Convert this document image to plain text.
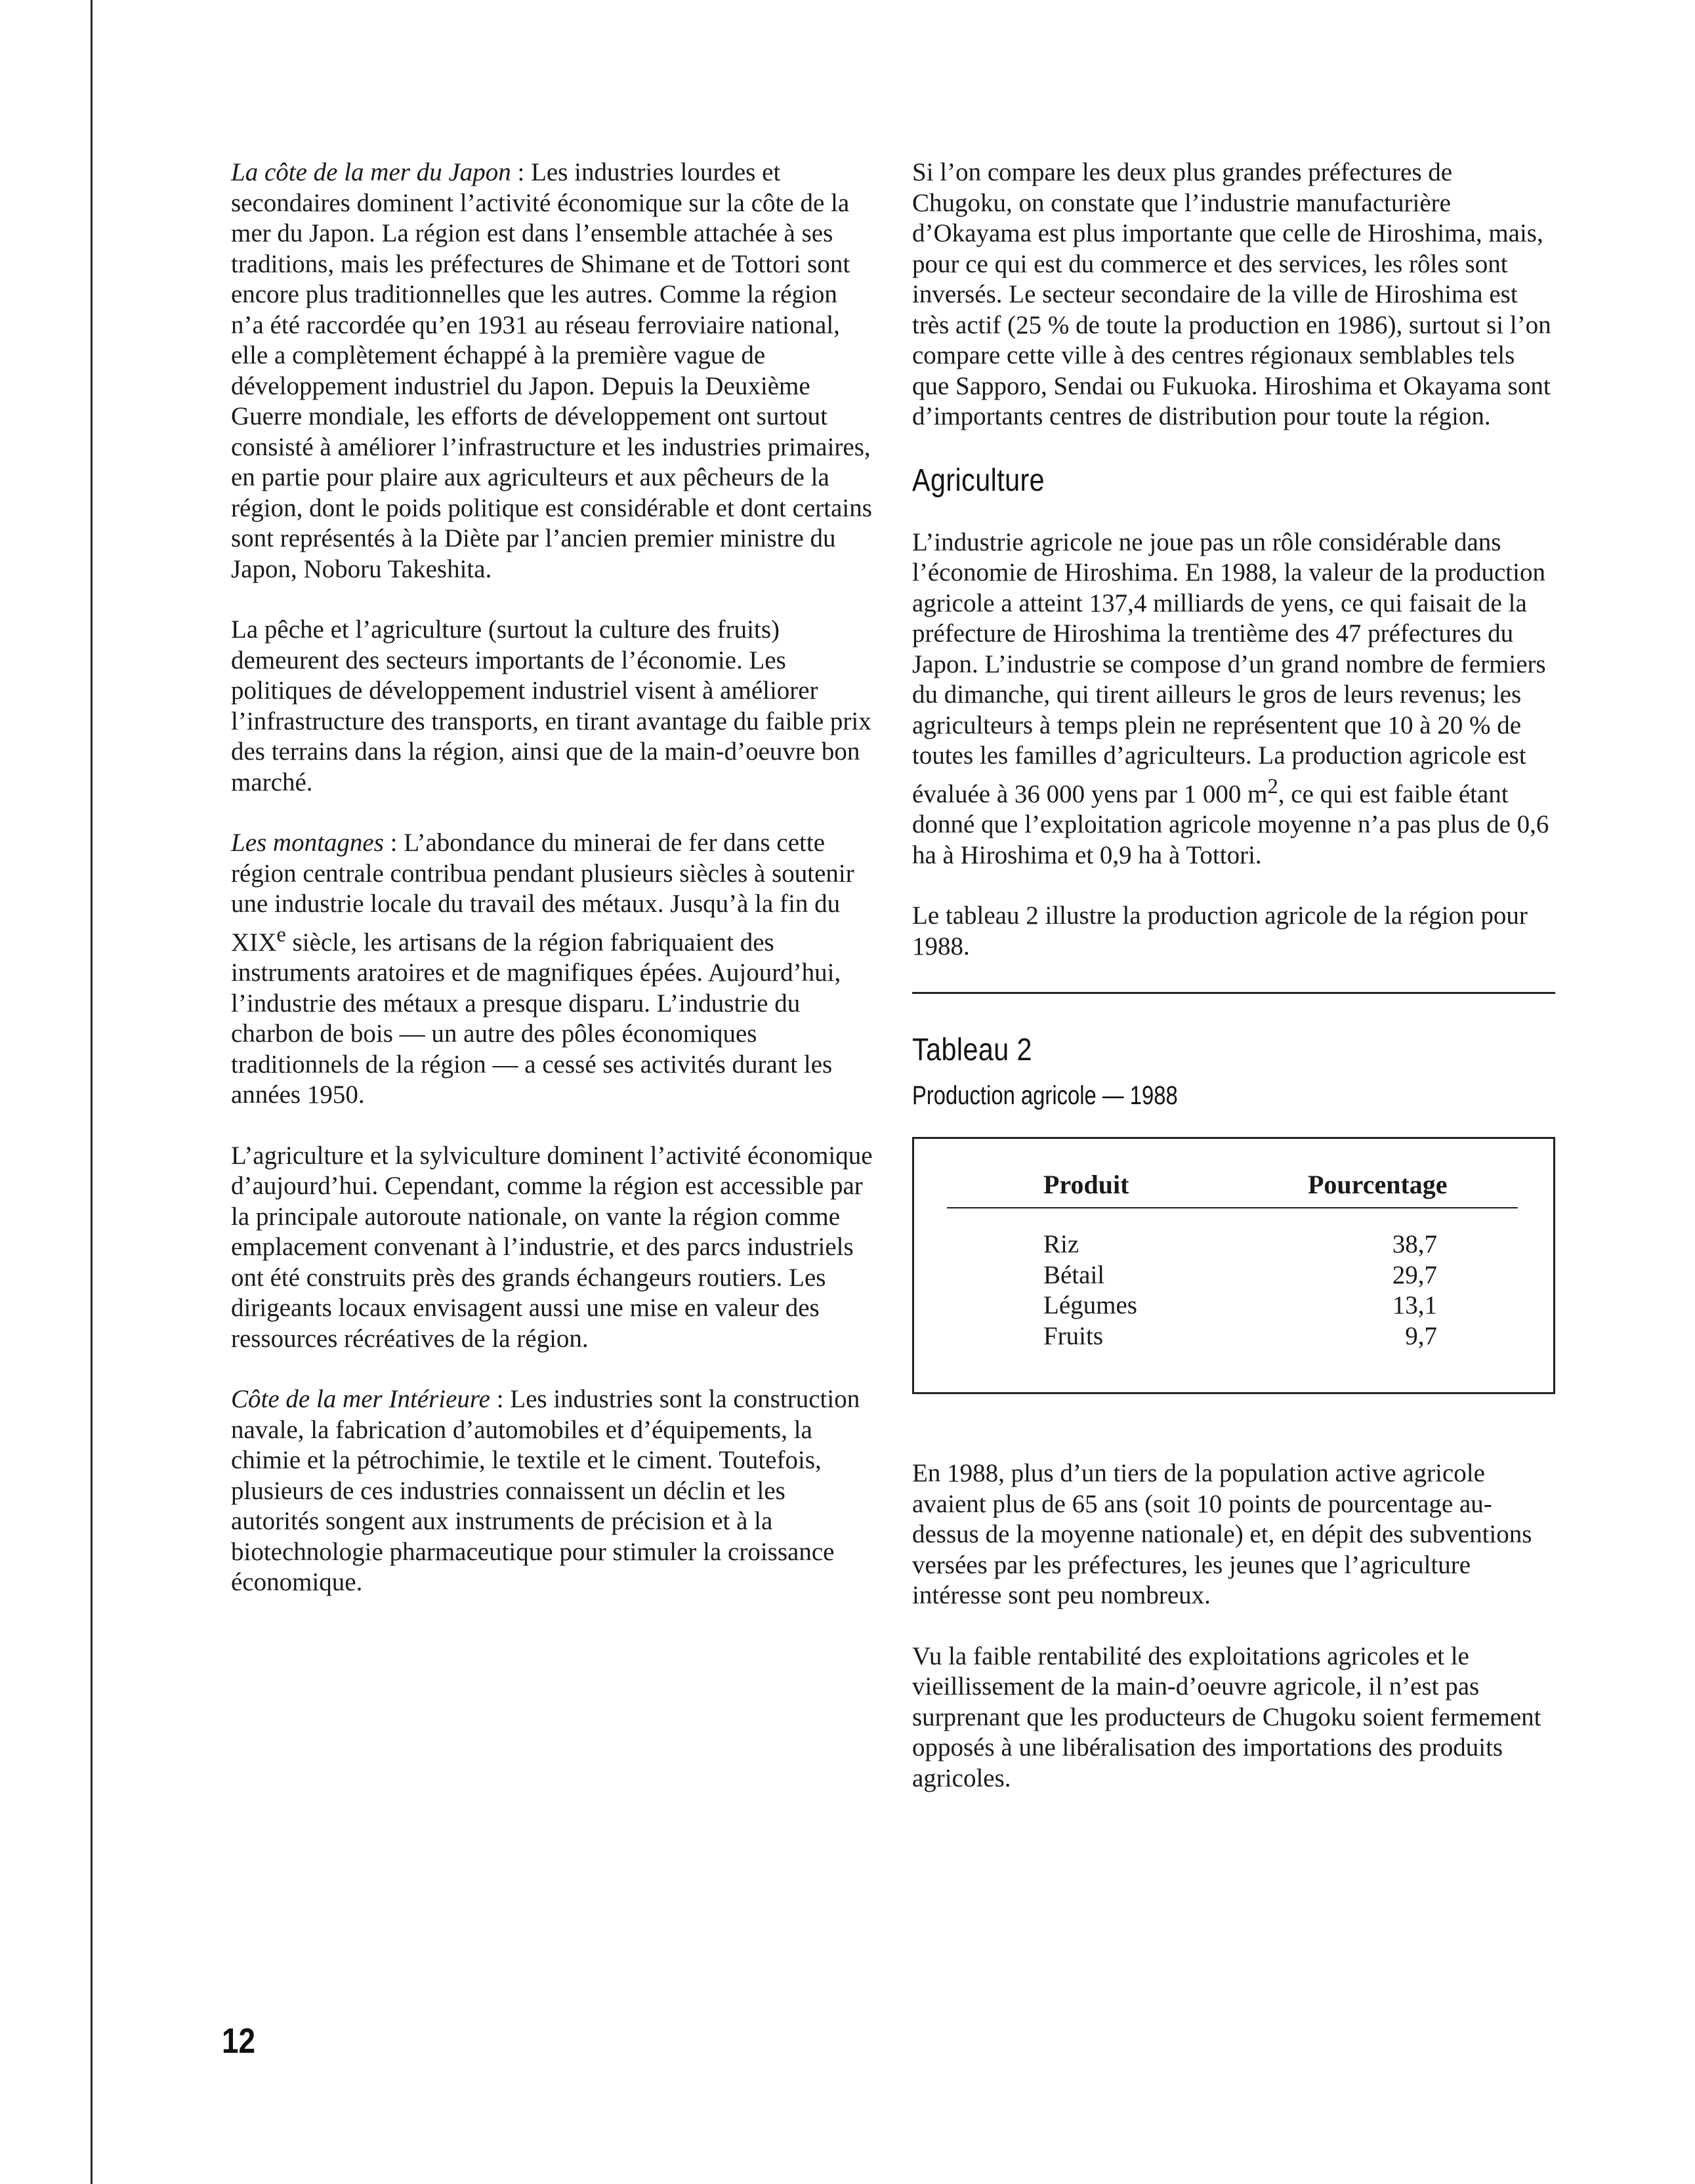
La côte de la mer du Japon : Les industries lourdes et secondaires dominent l’activité économique sur la côte de la mer du Japon. La région est dans l’ensemble attachée à ses traditions, mais les préfectures de Shimane et de Tottori sont encore plus traditionnelles que les autres. Comme la région n’a été raccordée qu’en 1931 au réseau ferroviaire national, elle a complètement échappé à la première vague de développement industriel du Japon. Depuis la Deuxième Guerre mondiale, les efforts de développement ont surtout consisté à améliorer l’infrastructure et les industries primaires, en partie pour plaire aux agriculteurs et aux pêcheurs de la région, dont le poids politique est considérable et dont certains sont représentés à la Diète par l’ancien premier ministre du Japon, Noboru Takeshita.

La pêche et l’agriculture (surtout la culture des fruits) demeurent des secteurs importants de l’économie. Les politiques de développement industriel visent à améliorer l’infrastructure des transports, en tirant avantage du faible prix des terrains dans la région, ainsi que de la main-d’oeuvre bon marché.

Les montagnes : L’abondance du minerai de fer dans cette région centrale contribua pendant plusieurs siècles à soutenir une industrie locale du travail des métaux. Jusqu’à la fin du XIXe siècle, les artisans de la région fabriquaient des instruments aratoires et de magnifiques épées. Aujourd’hui, l’industrie des métaux a presque disparu. L’industrie du charbon de bois — un autre des pôles économiques traditionnels de la région — a cessé ses activités durant les années 1950.

L’agriculture et la sylviculture dominent l’activité économique d’aujourd’hui. Cependant, comme la région est accessible par la principale autoroute nationale, on vante la région comme emplacement convenant à l’industrie, et des parcs industriels ont été construits près des grands échangeurs routiers. Les dirigeants locaux envisagent aussi une mise en valeur des ressources récréatives de la région.

Côte de la mer Intérieure : Les industries sont la construction navale, la fabrication d’automobiles et d’équipements, la chimie et la pétrochimie, le textile et le ciment. Toutefois, plusieurs de ces industries connaissent un déclin et les autorités songent aux instruments de précision et à la biotechnologie pharmaceutique pour stimuler la croissance économique.

Si l’on compare les deux plus grandes préfectures de Chugoku, on constate que l’industrie manufacturière d’Okayama est plus importante que celle de Hiroshima, mais, pour ce qui est du commerce et des services, les rôles sont inversés. Le secteur secondaire de la ville de Hiroshima est très actif (25 % de toute la production en 1986), surtout si l’on compare cette ville à des centres régionaux semblables tels que Sapporo, Sendai ou Fukuoka. Hiroshima et Okayama sont d’importants centres de distribution pour toute la région.

Agriculture

L’industrie agricole ne joue pas un rôle considérable dans l’économie de Hiroshima. En 1988, la valeur de la production agricole a atteint 137,4 milliards de yens, ce qui faisait de la préfecture de Hiroshima la trentième des 47 préfectures du Japon. L’industrie se compose d’un grand nombre de fermiers du dimanche, qui tirent ailleurs le gros de leurs revenus; les agriculteurs à temps plein ne représentent que 10 à 20 % de toutes les familles d’agriculteurs. La production agricole est évaluée à 36 000 yens par 1 000 $m^2$, ce qui est faible étant donné que l’exploitation agricole moyenne n’a pas plus de 0,6 ha à Hiroshima et 0,9 ha à Tottori.

Le tableau 2 illustre la production agricole de la région pour 1988.

Tableau 2
Production agricole — 1988
Produit	Pourcentage
Riz	38,7
Bétail	29,7
Légumes	13,1
Fruits	9,7

En 1988, plus d’un tiers de la population active agricole avaient plus de 65 ans (soit 10 points de pourcentage au-dessus de la moyenne nationale) et, en dépit des subventions versées par les préfectures, les jeunes que l’agriculture intéresse sont peu nombreux.

Vu la faible rentabilité des exploitations agricoles et le vieillissement de la main-d’oeuvre agricole, il n’est pas surprenant que les producteurs de Chugoku soient fermement opposés à une libéralisation des importations des produits agricoles.

12
